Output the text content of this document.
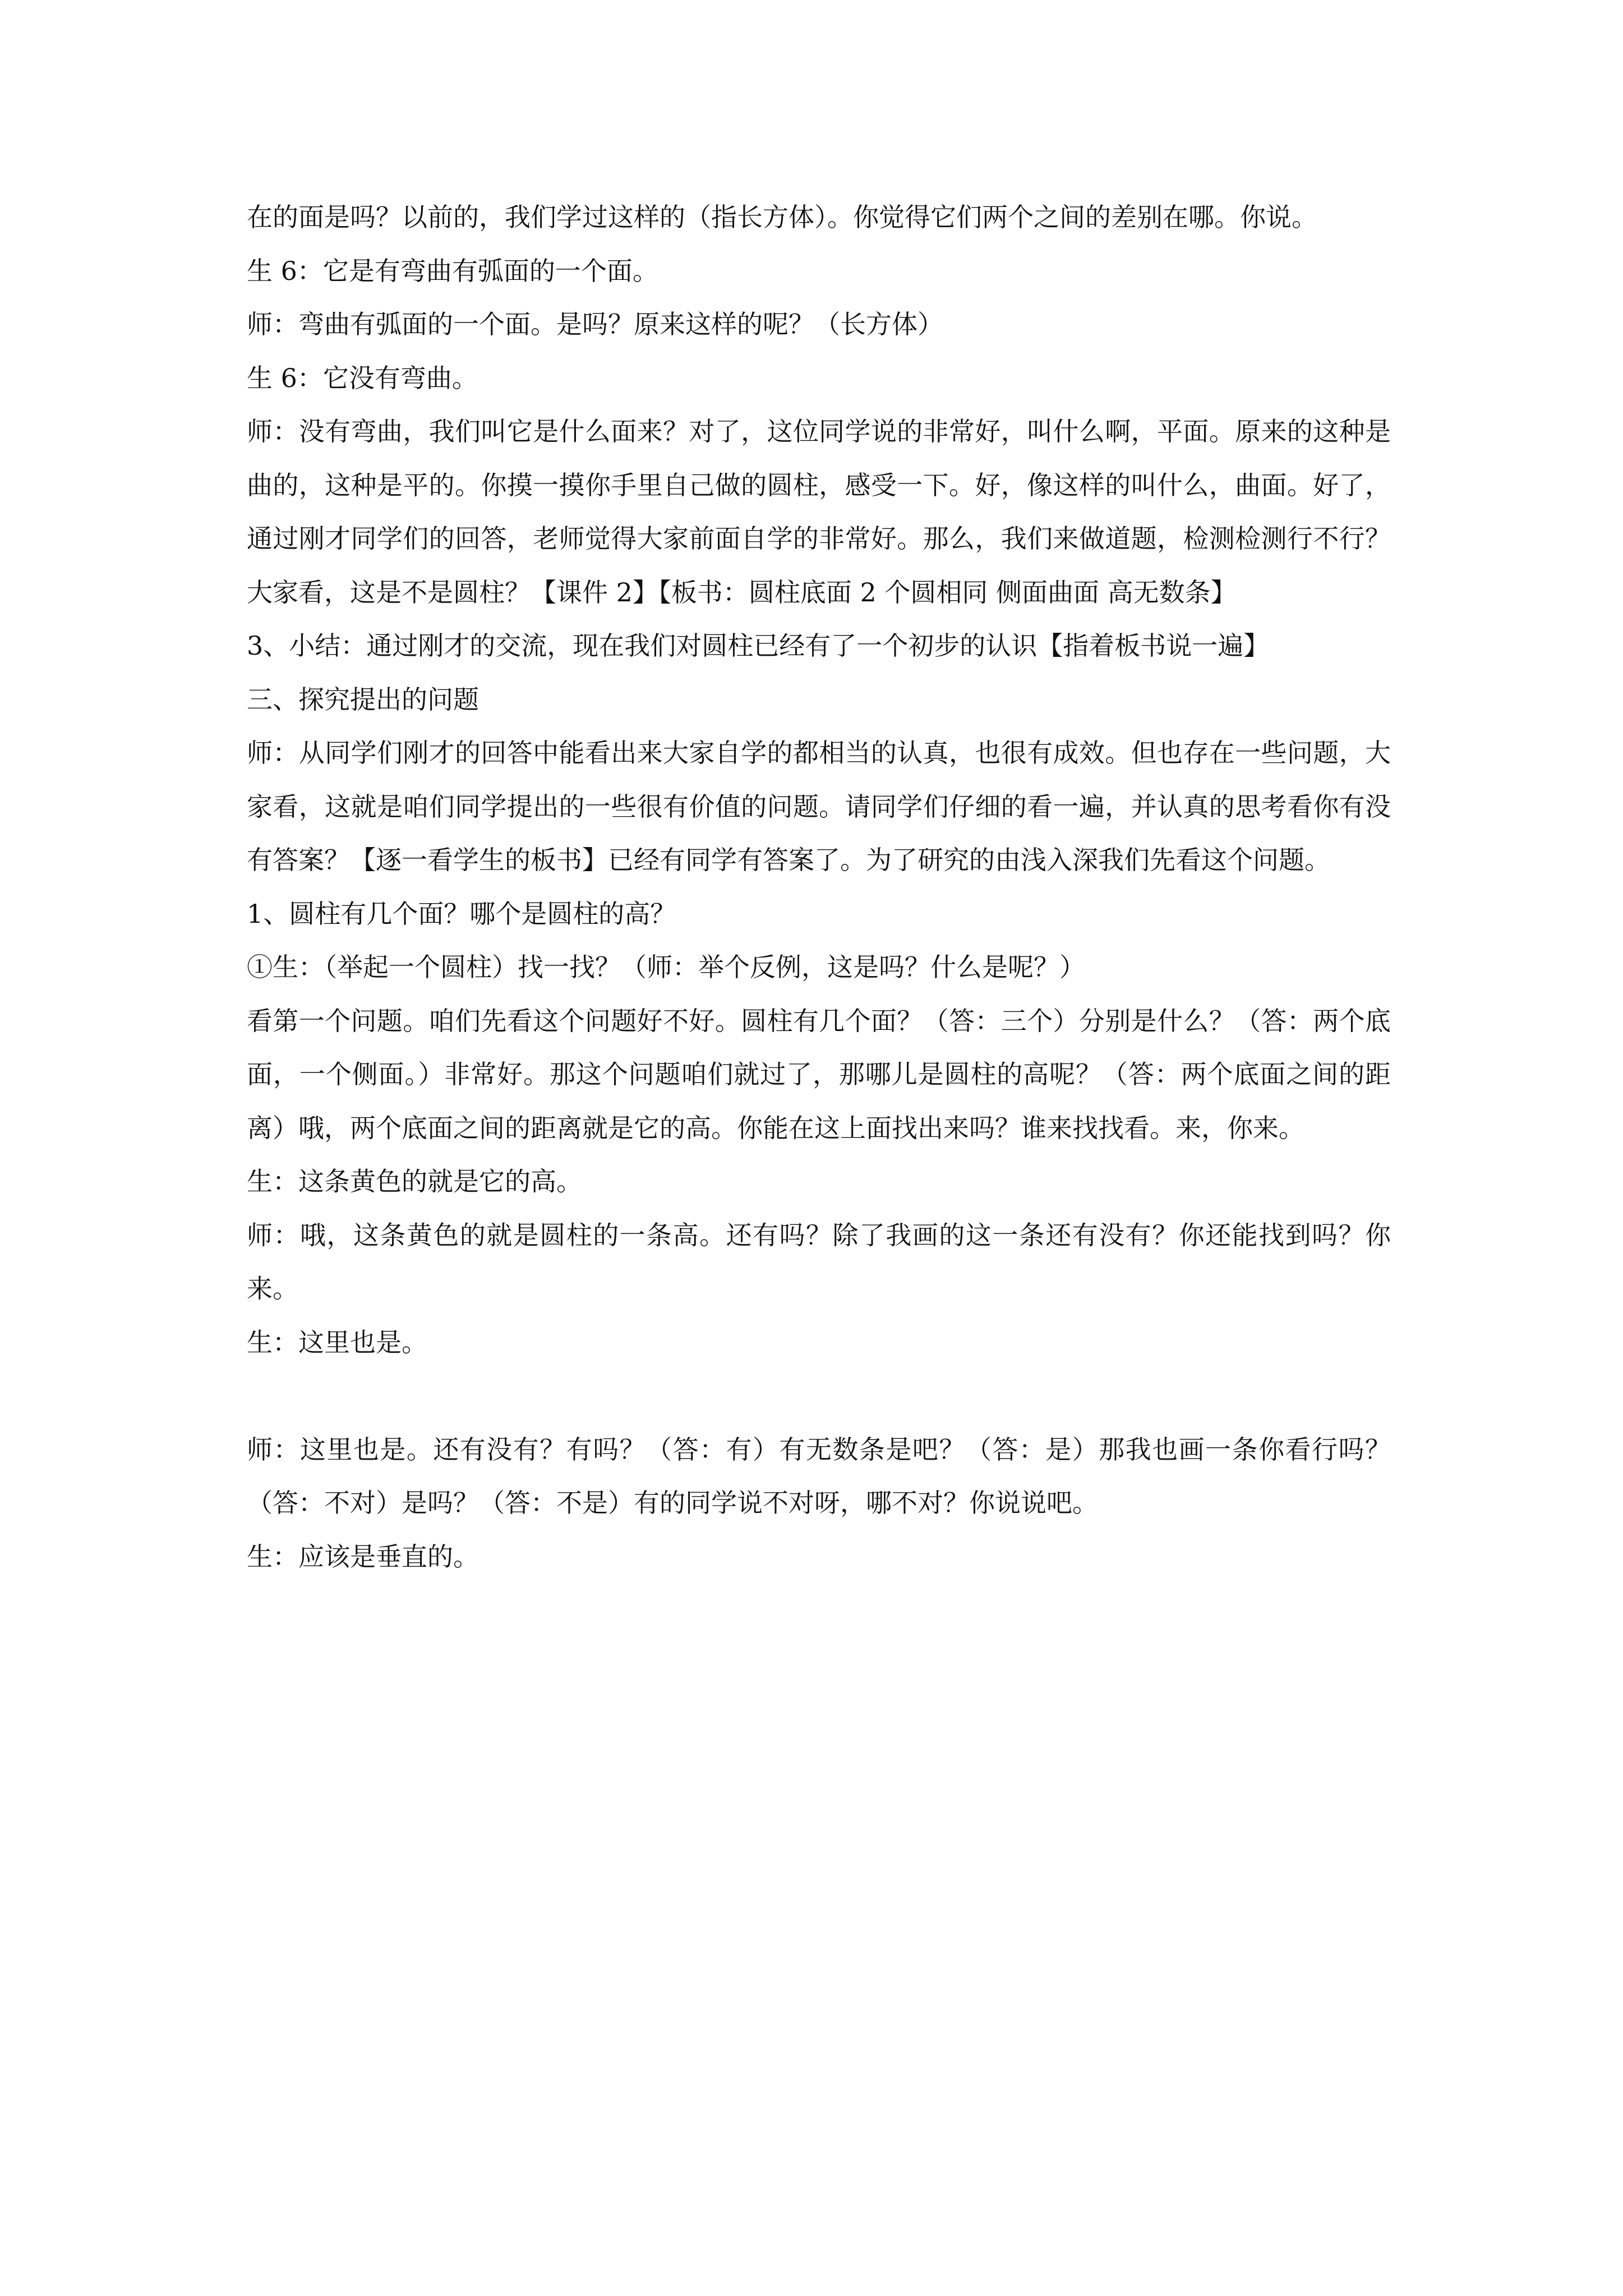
在的面是吗？以前的，我们学过这样的（指长方体）。你觉得它们两个之间的差别在哪。你说。

生 6：它是有弯曲有弧面的一个面。

师：弯曲有弧面的一个面。是吗？原来这样的呢？（长方体）

生 6：它没有弯曲。

师：没有弯曲，我们叫它是什么面来？对了，这位同学说的非常好，叫什么啊，平面。原来的这种是曲的，这种是平的。你摸一摸你手里自己做的圆柱，感受一下。好，像这样的叫什么，曲面。好了，通过刚才同学们的回答，老师觉得大家前面自学的非常好。那么，我们来做道题，检测检测行不行？大家看，这是不是圆柱？【课件 2】【板书：圆柱底面 2 个圆相同 侧面曲面 高无数条】

3、小结：通过刚才的交流，现在我们对圆柱已经有了一个初步的认识【指着板书说一遍】

三、探究提出的问题

师：从同学们刚才的回答中能看出来大家自学的都相当的认真，也很有成效。但也存在一些问题，大家看，这就是咱们同学提出的一些很有价值的问题。请同学们仔细的看一遍，并认真的思考看你有没有答案？【逐一看学生的板书】已经有同学有答案了。为了研究的由浅入深我们先看这个问题。

1、圆柱有几个面？哪个是圆柱的高？

①生：（举起一个圆柱）找一找？（师：举个反例，这是吗？什么是呢？）

看第一个问题。咱们先看这个问题好不好。圆柱有几个面？（答：三个）分别是什么？（答：两个底面，一个侧面。）非常好。那这个问题咱们就过了，那哪儿是圆柱的高呢？（答：两个底面之间的距离）哦，两个底面之间的距离就是它的高。你能在这上面找出来吗？谁来找找看。来，你来。

生：这条黄色的就是它的高。

师：哦，这条黄色的就是圆柱的一条高。还有吗？除了我画的这一条还有没有？你还能找到吗？你来。

生：这里也是。

师：这里也是。还有没有？有吗？（答：有）有无数条是吧？（答：是）那我也画一条你看行吗？（答：不对）是吗？（答：不是）有的同学说不对呀，哪不对？你说说吧。

生：应该是垂直的。
